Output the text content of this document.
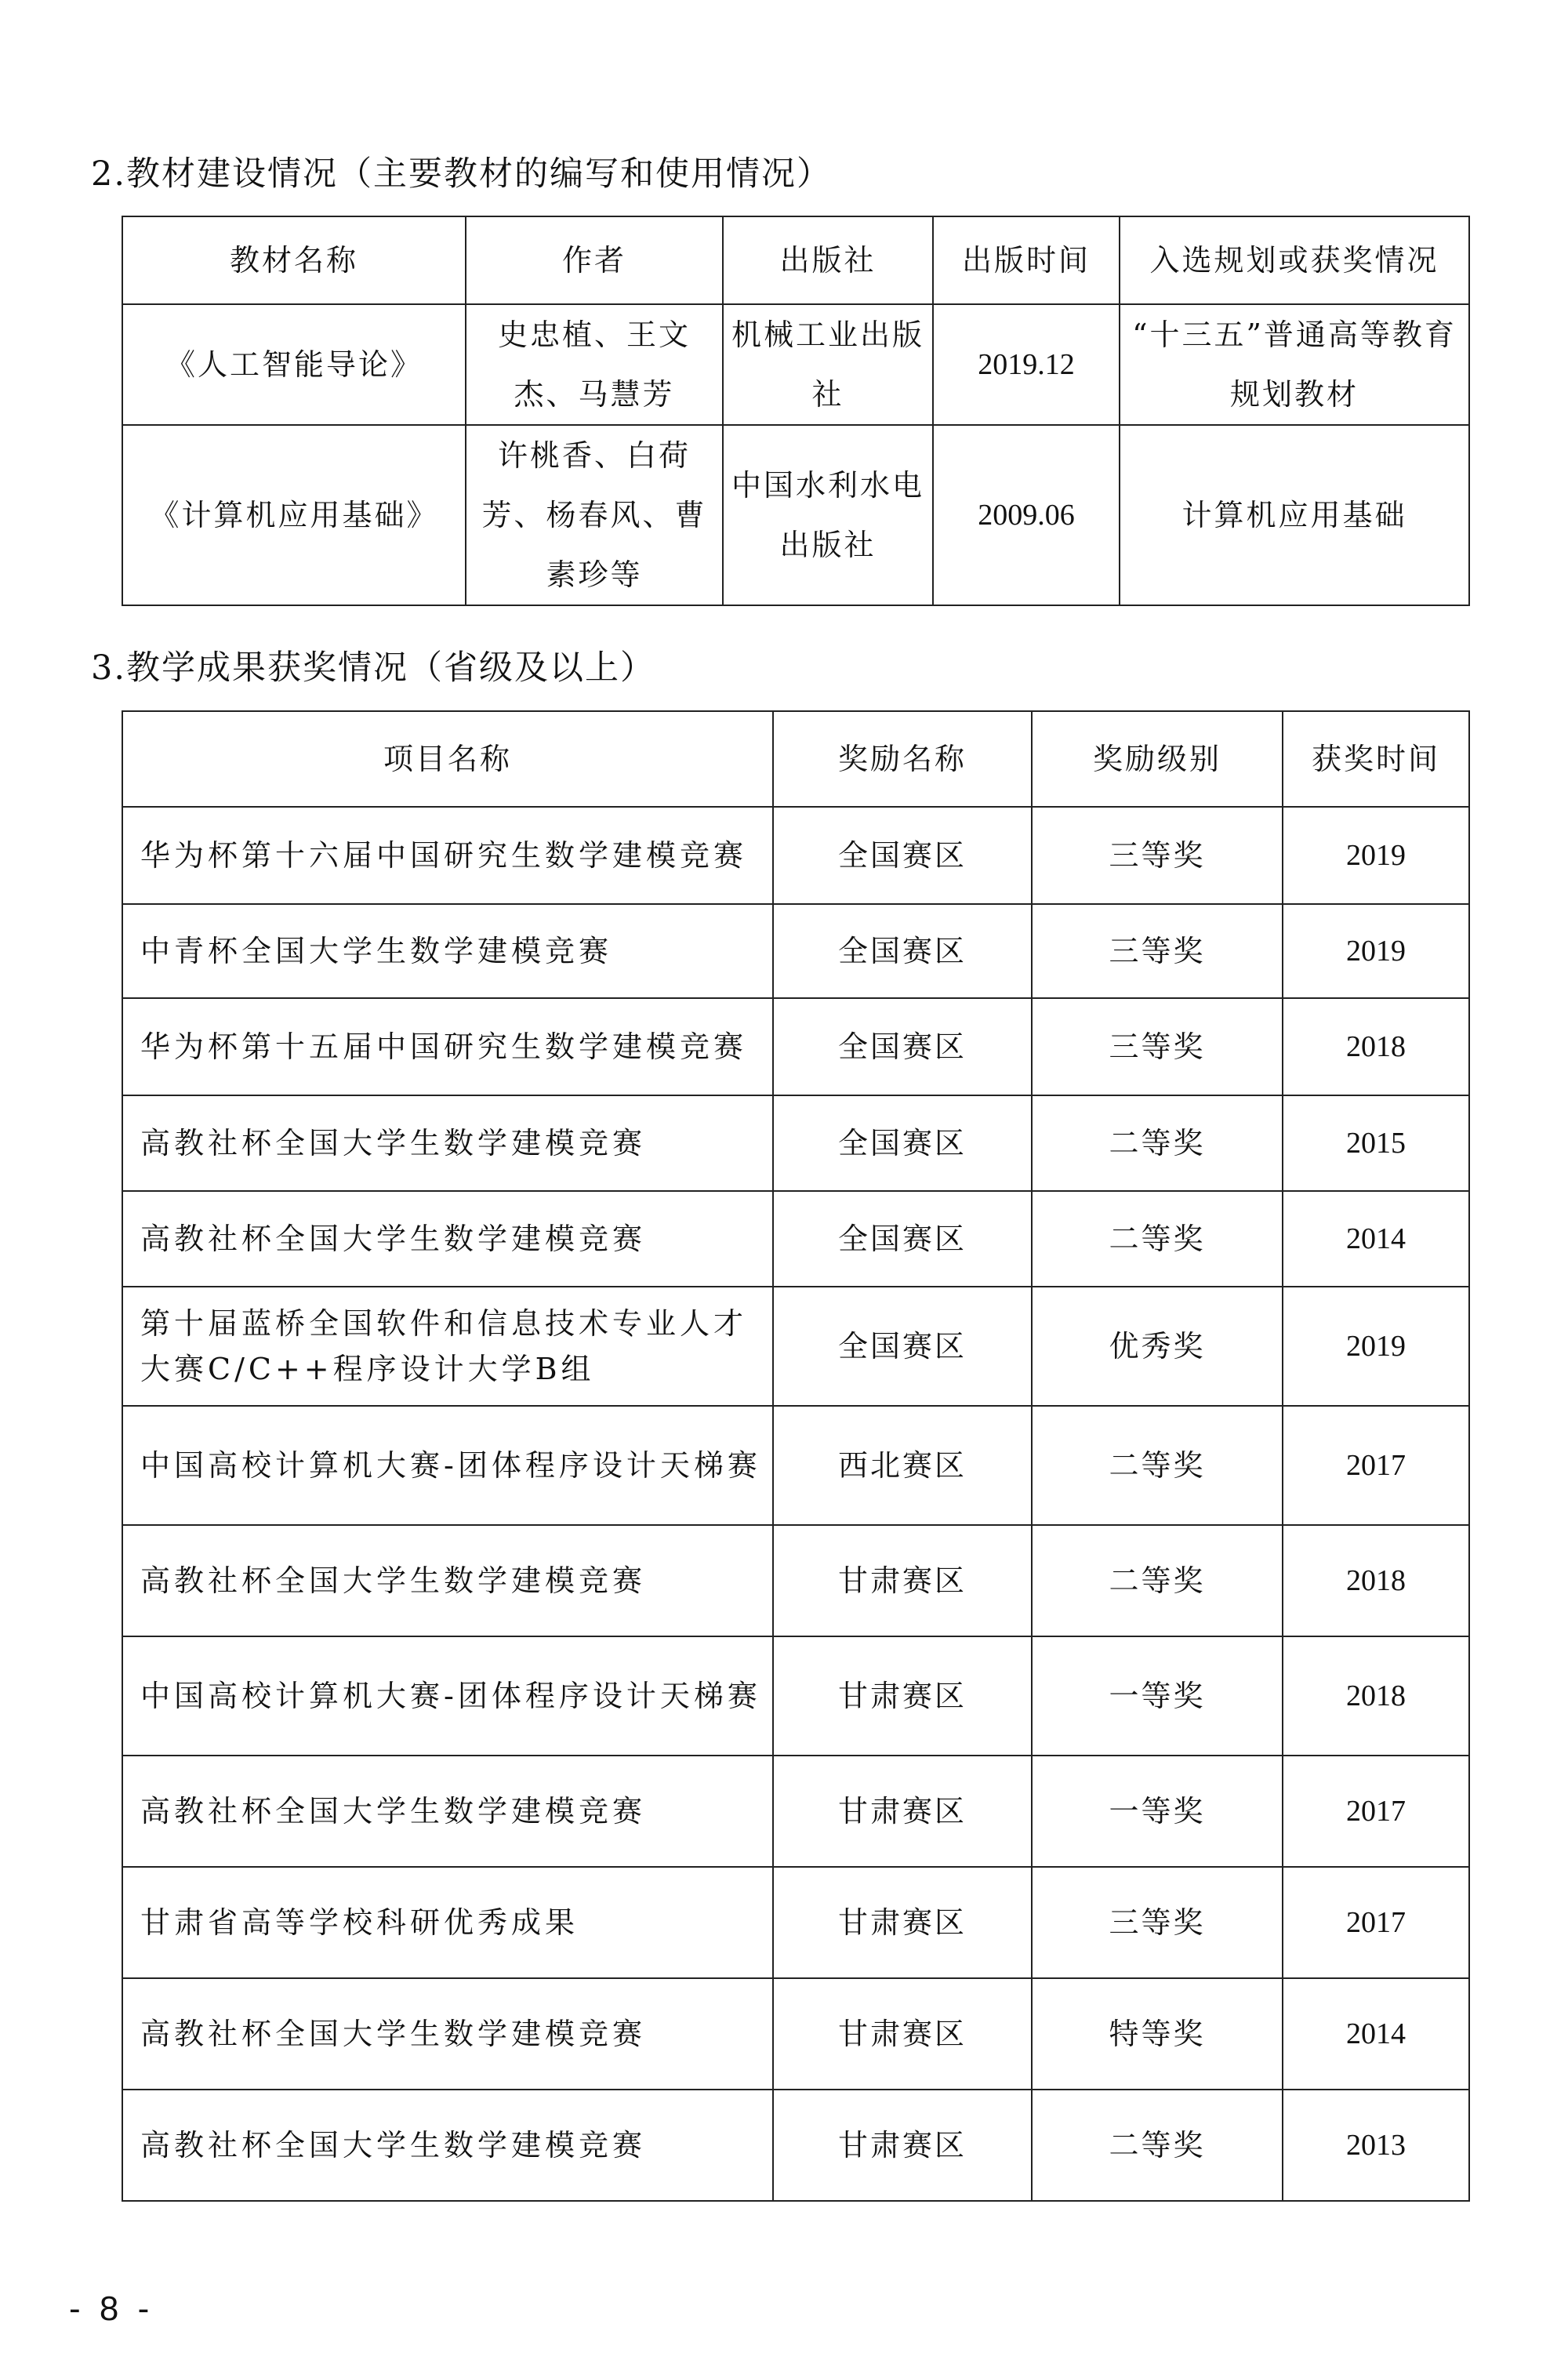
2.教材建设情况（主要教材的编写和使用情况）
教材名称	作者	出版社	出版时间	入选规划或获奖情况
《人工智能导论》	史忠植、王文杰、马慧芳	机械工业出版社	2019.12	“十三五”普通高等教育规划教材
《计算机应用基础》	许桃香、白荷芳、杨春风、曹素珍等	中国水利水电出版社	2009.06	计算机应用基础
3.教学成果获奖情况（省级及以上）
项目名称	奖励名称	奖励级别	获奖时间
华为杯第十六届中国研究生数学建模竞赛	全国赛区	三等奖	2019
中青杯全国大学生数学建模竞赛	全国赛区	三等奖	2019
华为杯第十五届中国研究生数学建模竞赛	全国赛区	三等奖	2018
高教社杯全国大学生数学建模竞赛	全国赛区	二等奖	2015
高教社杯全国大学生数学建模竞赛	全国赛区	二等奖	2014
第十届蓝桥全国软件和信息技术专业人才大赛C/C++程序设计大学B组	全国赛区	优秀奖	2019
中国高校计算机大赛-团体程序设计天梯赛	西北赛区	二等奖	2017
高教社杯全国大学生数学建模竞赛	甘肃赛区	二等奖	2018
中国高校计算机大赛-团体程序设计天梯赛	甘肃赛区	一等奖	2018
高教社杯全国大学生数学建模竞赛	甘肃赛区	一等奖	2017
甘肃省高等学校科研优秀成果	甘肃赛区	三等奖	2017
高教社杯全国大学生数学建模竞赛	甘肃赛区	特等奖	2014
高教社杯全国大学生数学建模竞赛	甘肃赛区	二等奖	2013
- 8 -
